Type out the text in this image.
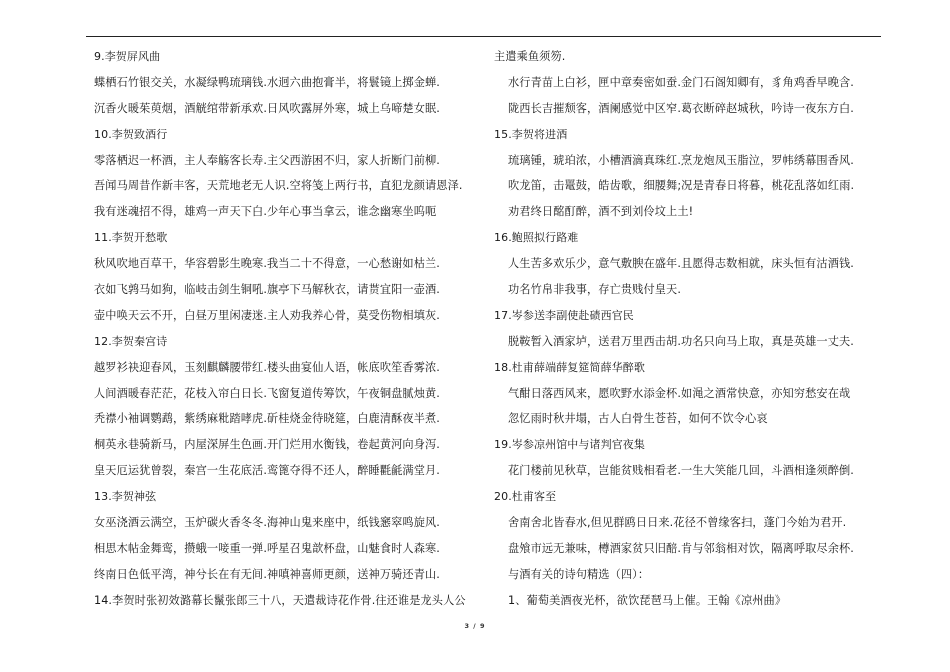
9.李贺屏风曲
蝶栖石竹银交关，水凝绿鸭琉璃钱.水迥六曲抱膏半，将鬟镜上掷金蝉.
沉香火暖茱萸烟，酒觥绾带新承欢.日风吹露屏外寒，城上乌啼楚女眠.
10.李贺致酒行
零落栖迟一杯酒，主人奉觞客长寿.主父西游困不归，家人折断门前柳.
吾闻马周昔作新丰客，天荒地老无人识.空将笺上两行书，直犯龙颜请恩泽.
我有迷魂招不得，雄鸡一声天下白.少年心事当拿云，谁念幽寒坐呜呃
11.李贺开愁歌
秋风吹地百草干，华容碧影生晚寒.我当二十不得意，一心愁谢如枯兰.
衣如飞鹑马如狗，临岐击剑生铜吼.旗亭下马解秋衣，请贳宜阳一壶酒.
壶中唤天云不开，白昼万里闲凄迷.主人劝我养心骨，莫受伤物相填灰.
12.李贺秦宫诗
越罗衫袂迎春风，玉刻麒麟腰带红.楼头曲宴仙人语，帐底吹笙香雾浓.
人间酒暖春茫茫，花枝入帘白日长.飞窗复道传筹饮，午夜铜盘腻烛黄.
秃襟小袖调鹦鹉，紫绣麻粃踏哮虎.斫桂烧金待晓筵，白鹿清酥夜半煮.
桐英永巷骑新马，内屋深屏生色画.开门烂用水衡钱，卷起黄河向身泻.
皇天厄运犹曾裂，秦宫一生花底活.鸾篦夺得不还人，醉睡氍毹满堂月.
13.李贺神弦
女巫浇酒云满空，玉炉碳火香冬冬.海神山鬼来座中，纸钱窸窣鸣旋风.
相思木帖金舞鸾，攒蛾一唼重一弹.呼星召鬼歆杯盘，山魅食时人森寒.
终南日色低平湾，神兮长在有无间.神嗔神喜师更颜，送神万骑还青山.
14.李贺时张初效潞幕长鬣张郎三十八，天遣裁诗花作骨.往还谁是龙头人公
主遣乘鱼须笏.
水行青苗上白衫，匣中章奏密如蚕.金门石阁知卿有，豸角鸡香早晚含.
陇西长吉摧颓客，酒阑感觉中区窄.葛衣断碎赵城秋，吟诗一夜东方白.
15.李贺将进酒
琉璃锺，琥珀浓，小槽酒滴真珠红.烹龙炮凤玉脂泣，罗帏绣幕围香风.
吹龙笛，击鼍鼓，皓齿歌，细腰舞;况是青春日将暮，桃花乱落如红雨.
劝君终日酩酊醉，酒不到刘伶坟上土!
16.鲍照拟行路难
人生苦多欢乐少，意气敷腴在盛年.且愿得志数相就，床头恒有沽酒钱.
功名竹帛非我事，存亡贵贱付皇天.
17.岑参送李副使赴碛西官民
脱鞍暂入酒家垆，送君万里西击胡.功名只向马上取，真是英雄一丈夫.
18.杜甫薛端薛复筵简薛华醉歌
气酣日落西风来，愿吹野水添金杯.如渑之酒常快意，亦知穷愁安在哉
忽忆雨时秋井塌，古人白骨生苍苔，如何不饮令心哀
19.岑参凉州馆中与诸判官夜集
花门楼前见秋草，岂能贫贱相看老.一生大笑能几回，斗酒相逢须醉倒.
20.杜甫客至
舍南舍北皆春水,但见群鸥日日来.花径不曾缘客扫，蓬门今始为君开.
盘飧市远无兼味，樽酒家贫只旧醅.肯与邻翁相对饮，隔离呼取尽余杯.
与酒有关的诗句精选（四）：
1、葡萄美酒夜光杯，欲饮琵琶马上催。王翰《凉州曲》
3 / 9
